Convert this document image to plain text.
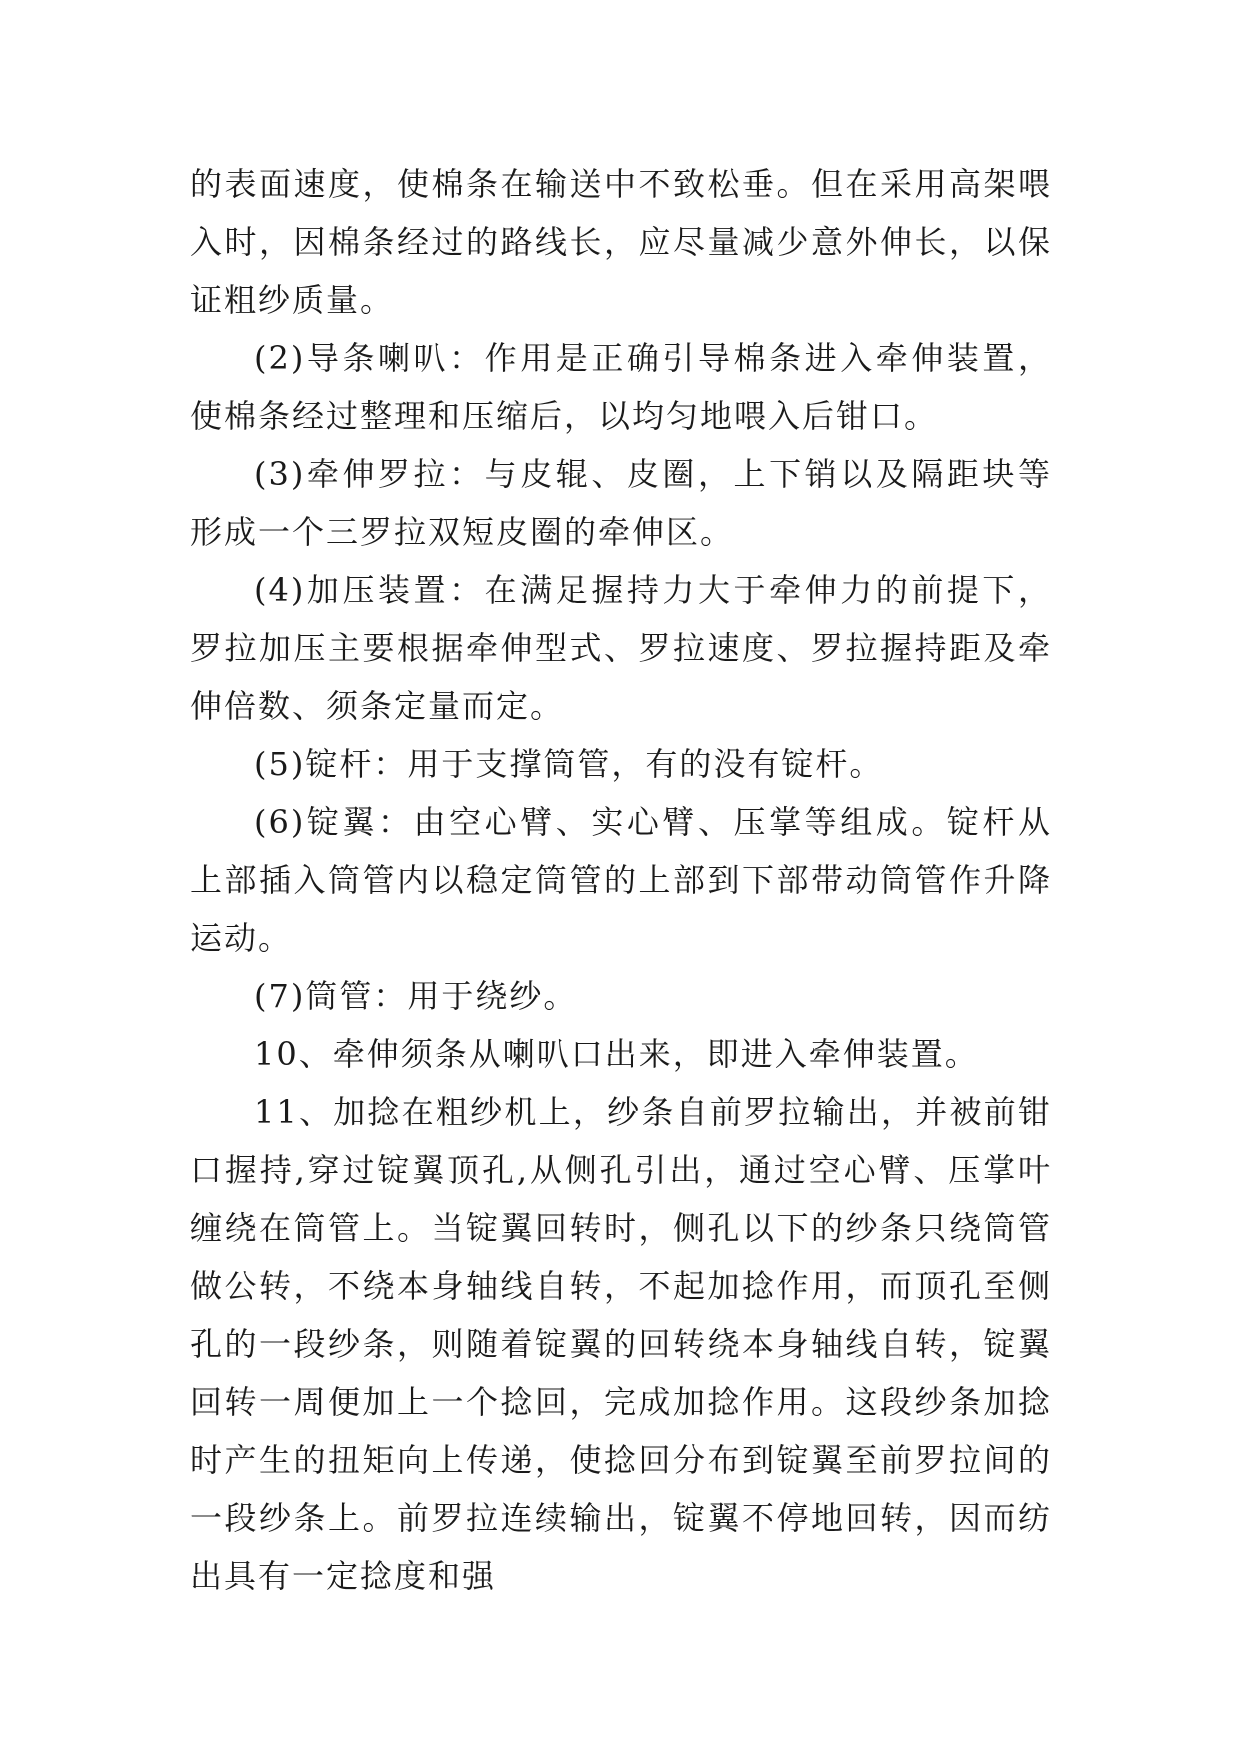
的表面速度，使棉条在输送中不致松垂。但在采用高架喂入时，因棉条经过的路线长，应尽量减少意外伸长，以保证粗纱质量。

(2)导条喇叭：作用是正确引导棉条进入牵伸装置，使棉条经过整理和压缩后，以均匀地喂入后钳口。

(3)牵伸罗拉：与皮辊、皮圈，上下销以及隔距块等形成一个三罗拉双短皮圈的牵伸区。

(4)加压装置：在满足握持力大于牵伸力的前提下，罗拉加压主要根据牵伸型式、罗拉速度、罗拉握持距及牵伸倍数、须条定量而定。

(5)锭杆：用于支撑筒管，有的没有锭杆。

(6)锭翼：由空心臂、实心臂、压掌等组成。锭杆从上部插入筒管内以稳定筒管的上部到下部带动筒管作升降运动。

(7)筒管：用于绕纱。

10、牵伸须条从喇叭口出来，即进入牵伸装置。

11、加捻在粗纱机上，纱条自前罗拉输出，并被前钳口握持,穿过锭翼顶孔,从侧孔引出，通过空心臂、压掌叶缠绕在筒管上。当锭翼回转时，侧孔以下的纱条只绕筒管做公转，不绕本身轴线自转，不起加捻作用，而顶孔至侧孔的一段纱条，则随着锭翼的回转绕本身轴线自转，锭翼回转一周便加上一个捻回，完成加捻作用。这段纱条加捻时产生的扭矩向上传递，使捻回分布到锭翼至前罗拉间的一段纱条上。前罗拉连续输出，锭翼不停地回转，因而纺出具有一定捻度和强
